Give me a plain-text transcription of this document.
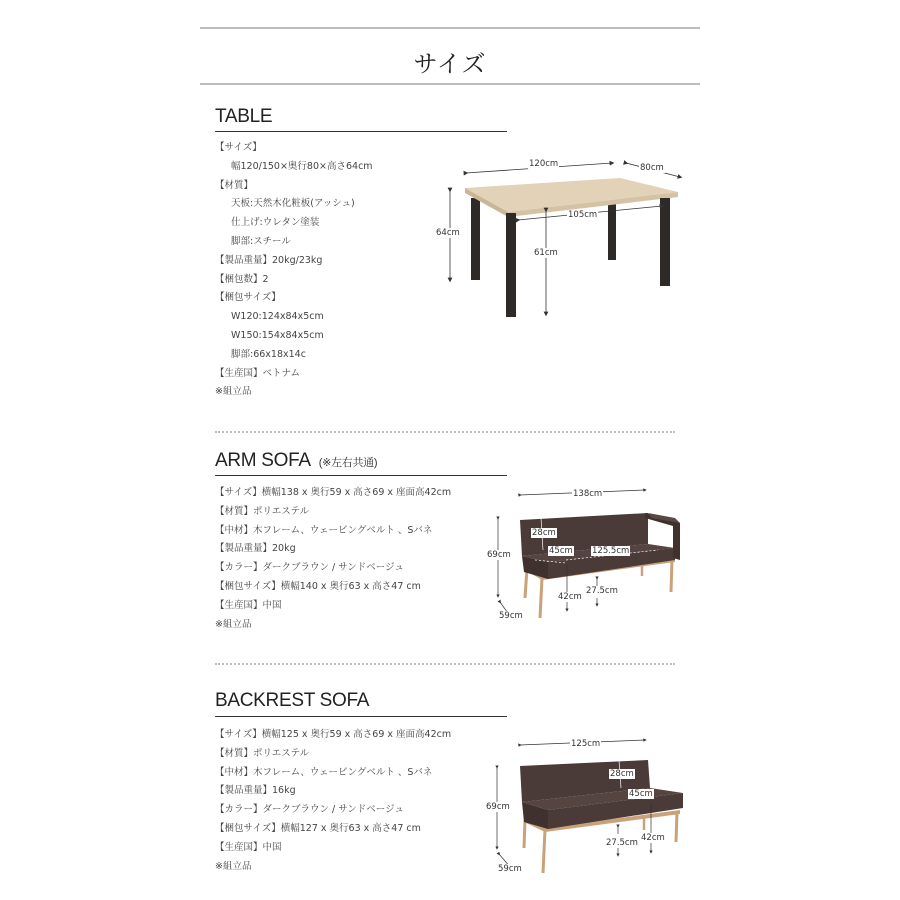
サイズ
TABLE
【サイズ】
幅120/150×奥行80×高さ64cm
【材質】
天板:天然木化粧板(アッシュ)
仕上げ:ウレタン塗装
脚部:スチール
【製品重量】20kg/23kg
【梱包数】2
【梱包サイズ】
W120:124x84x5cm
W150:154x84x5cm
脚部:66x18x14c
【生産国】ベトナム
※組立品
120cm	80cm
64cm
105cm
61cm
ARM SOFA (※左右共通)
【サイズ】横幅138 x 奥行59 x 高さ69 x 座面高42cm
【材質】ポリエステル
【中材】木フレーム、ウェービングベルト 、Sバネ
【製品重量】20kg
【カラー】ダークブラウン / サンドベージュ
【梱包サイズ】横幅140 x 奥行63 x 高さ47 cm
【生産国】中国
※組立品
138cm
69cm
59cm
28cm
45cm 125.5cm
42cm
27.5cm
BACKREST SOFA
【サイズ】横幅125 x 奥行59 x 高さ69 x 座面高42cm
【材質】ポリエステル
【中材】木フレーム、ウェービングベルト 、Sバネ
【製品重量】16kg
【カラー】ダークブラウン / サンドベージュ
【梱包サイズ】横幅127 x 奥行63 x 高さ47 cm
【生産国】中国
※組立品
125cm
69cm
59cm
28cm
45cm
42cm
27.5cm
